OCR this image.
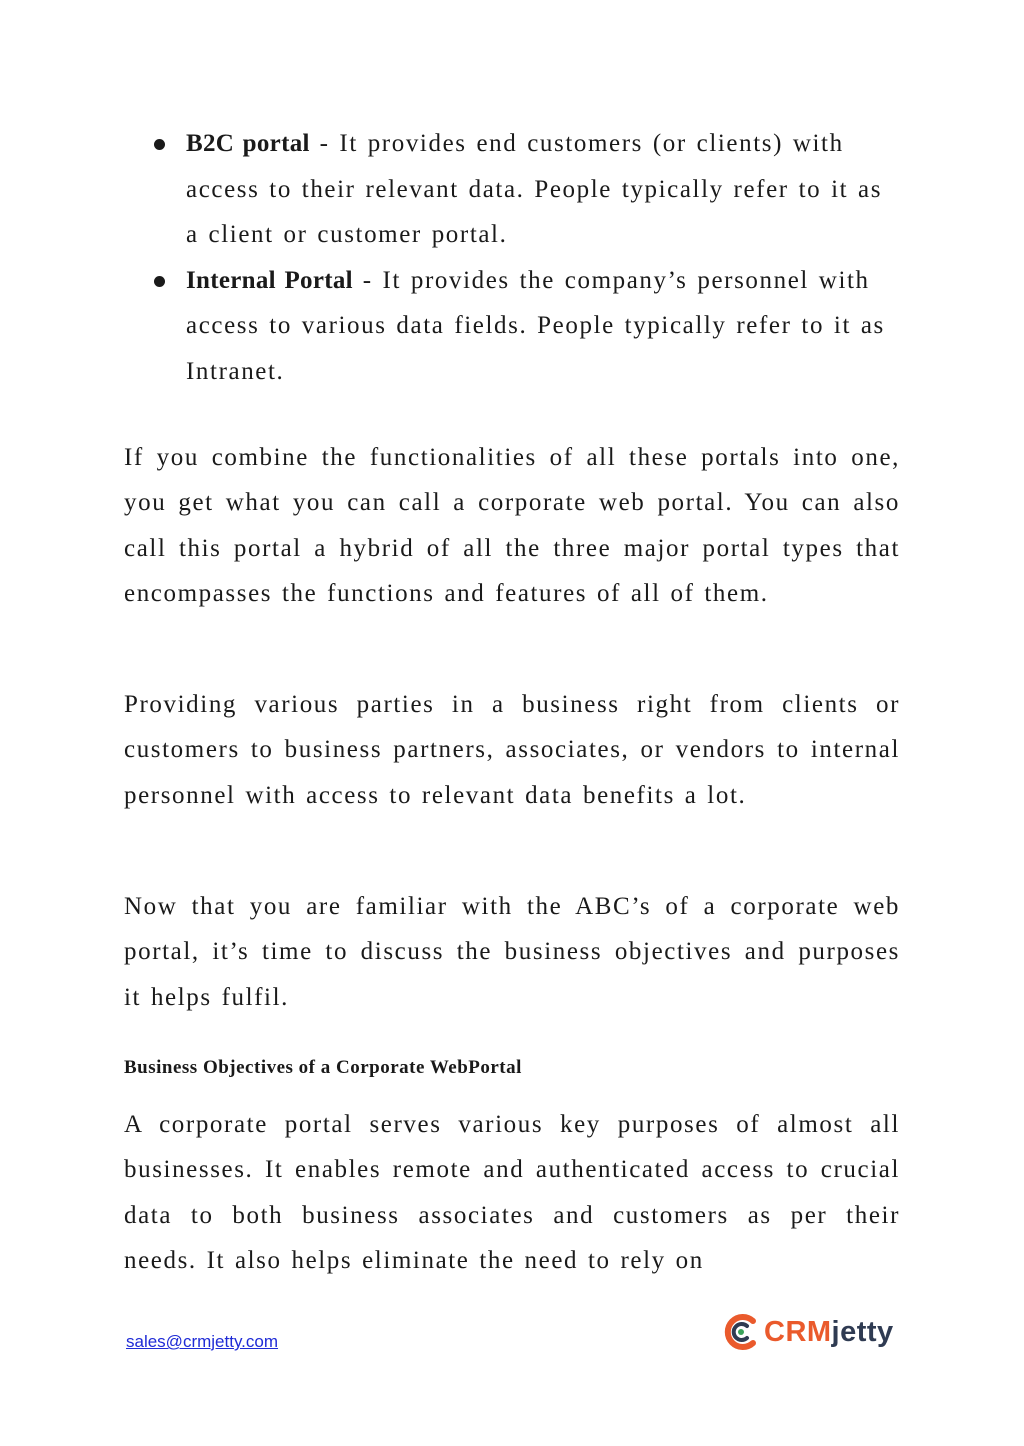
B2C portal - It provides end customers (or clients) with access to their relevant data. People typically refer to it as a client or customer portal.
Internal Portal - It provides the company’s personnel with access to various data fields. People typically refer to it as Intranet.

If you combine the functionalities of all these portals into one, you get what you can call a corporate web portal. You can also call this portal a hybrid of all the three major portal types that encompasses the functions and features of all of them.

Providing various parties in a business right from clients or customers to business partners, associates, or vendors to internal personnel with access to relevant data benefits a lot.

Now that you are familiar with the ABC’s of a corporate web portal, it’s time to discuss the business objectives and purposes it helps fulfil.

Business Objectives of a Corporate WebPortal

A corporate portal serves various key purposes of almost all businesses. It enables remote and authenticated access to crucial data to both business associates and customers as per their needs. It also helps eliminate the need to rely on

sales@crmjetty.com	CRMjetty
